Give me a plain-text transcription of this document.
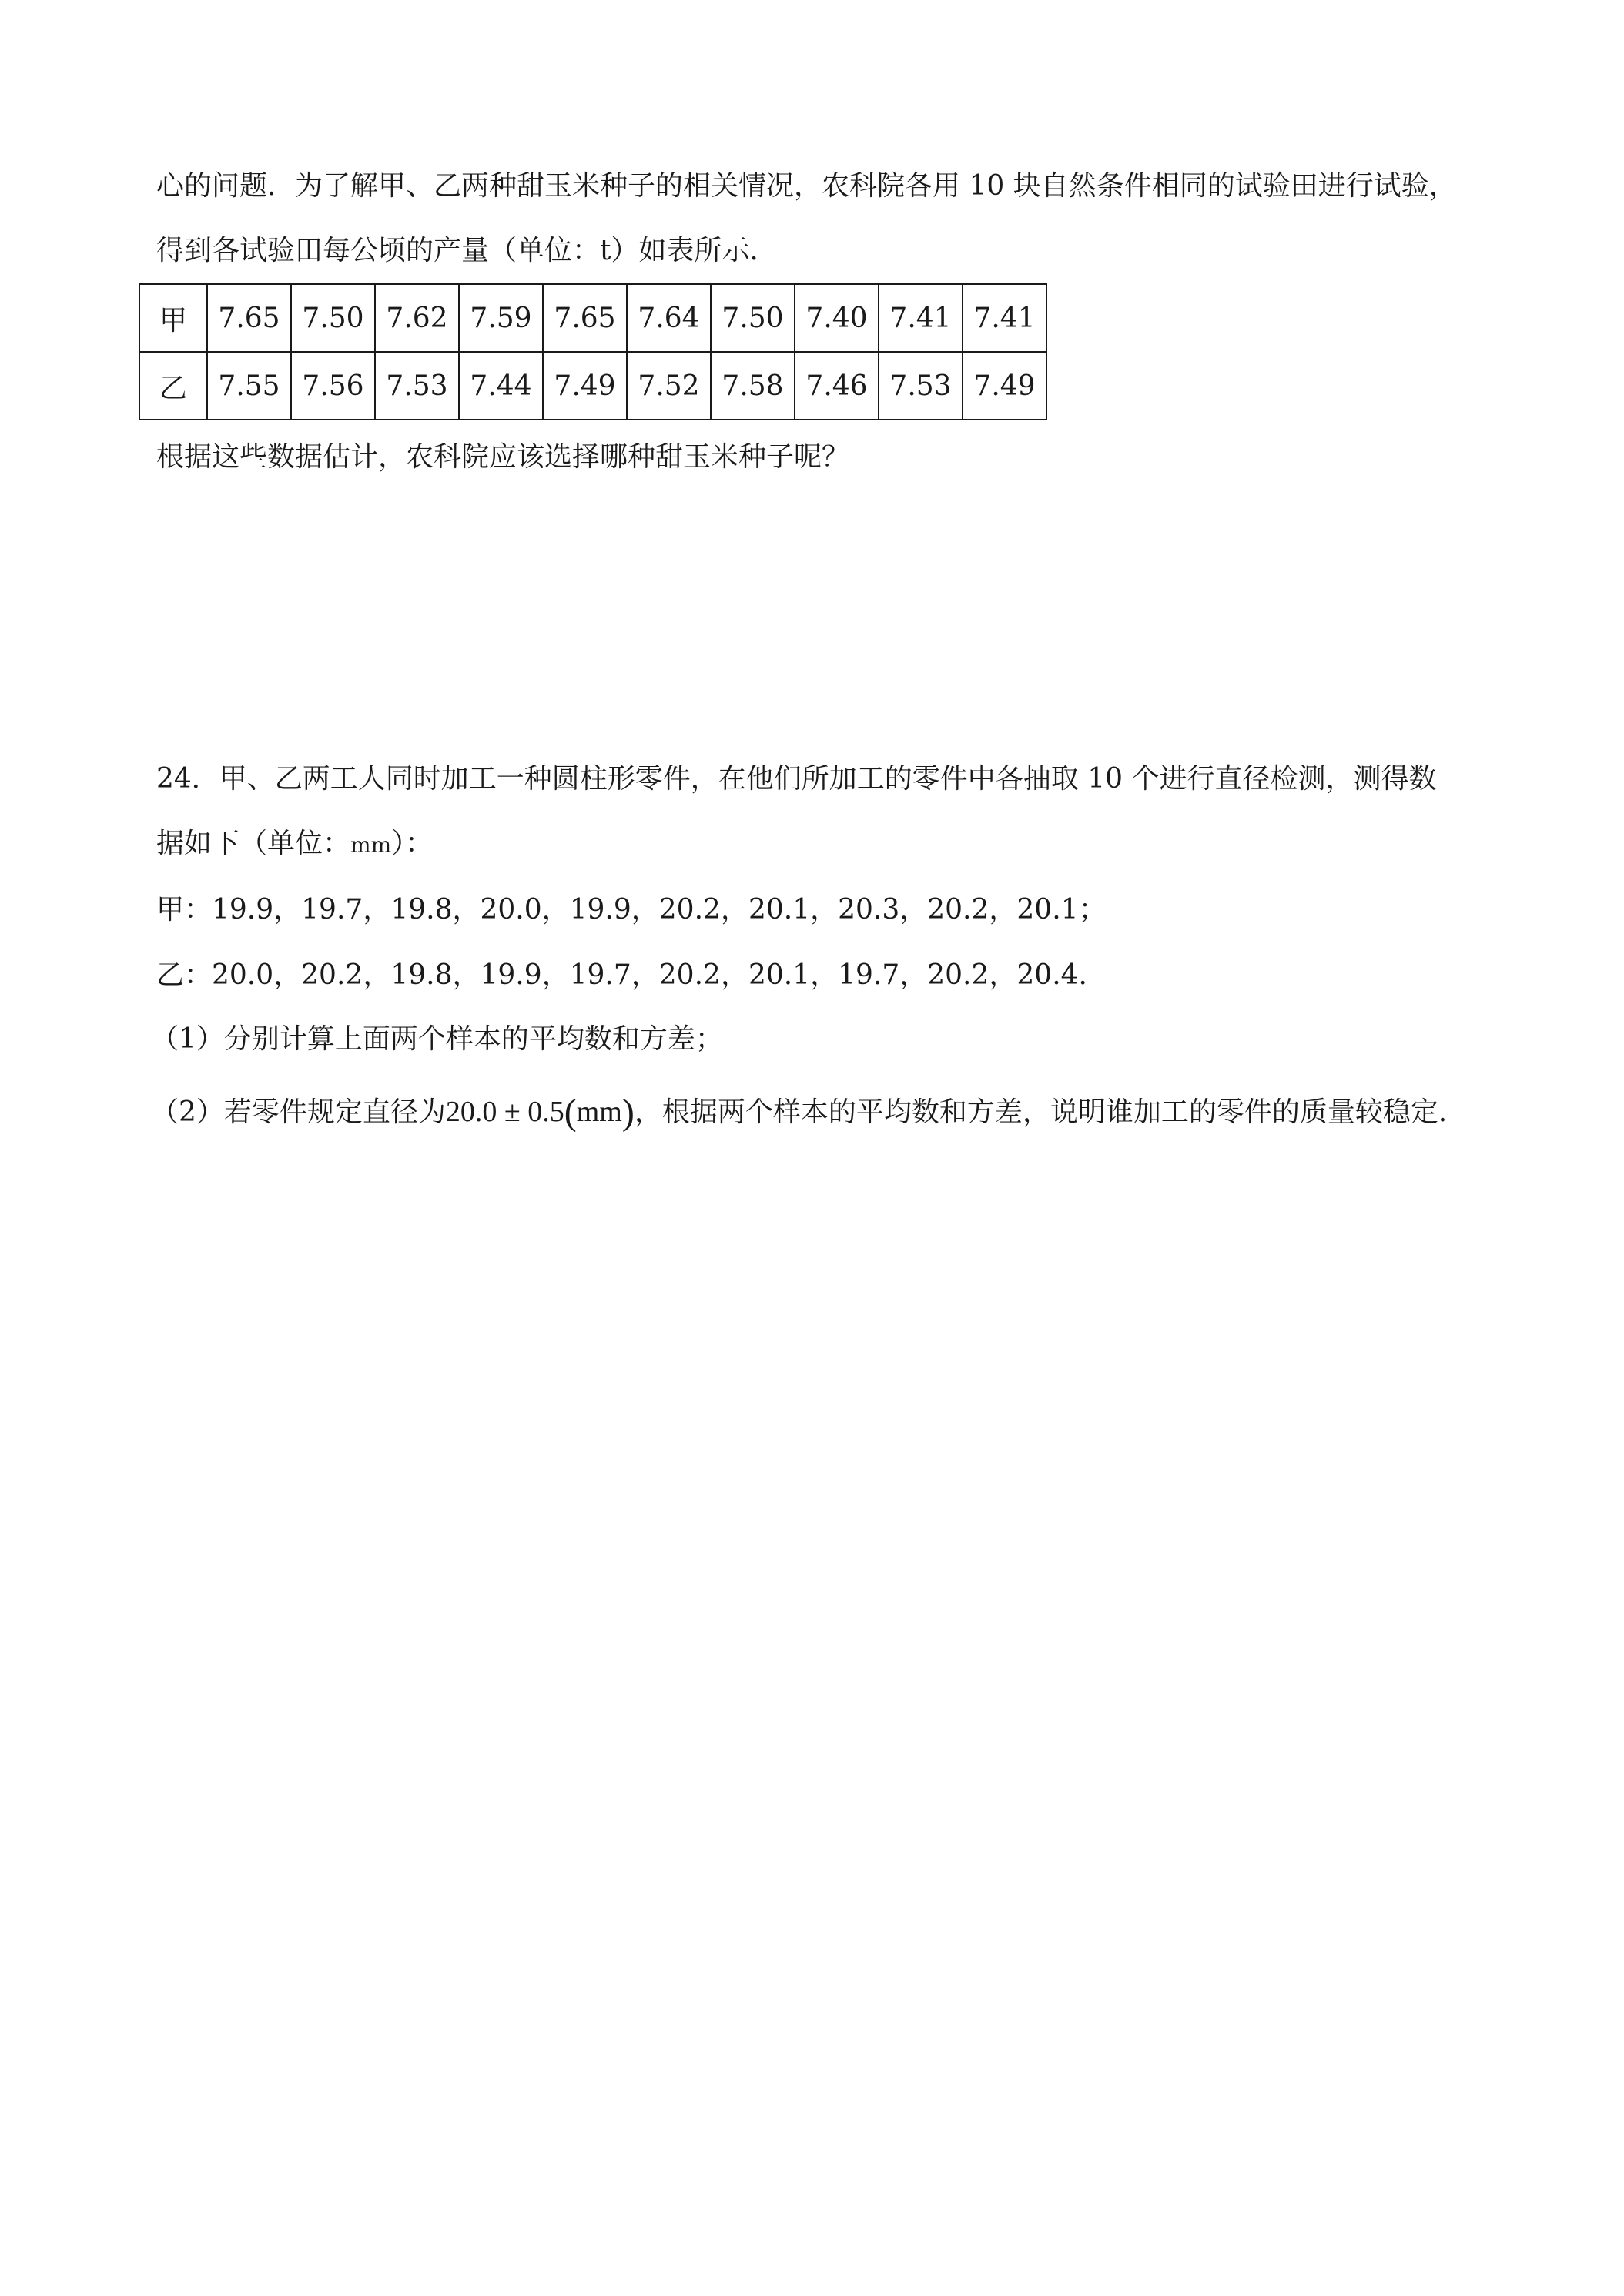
心的问题．为了解甲、乙两种甜玉米种子的相关情况，农科院各用 10 块自然条件相同的试验田进行试验，
得到各试验田每公顷的产量（单位：t）如表所示．
甲	7.65	7.50	7.62	7.59	7.65	7.64	7.50	7.40	7.41	7.41
乙	7.55	7.56	7.53	7.44	7.49	7.52	7.58	7.46	7.53	7.49
根据这些数据估计，农科院应该选择哪种甜玉米种子呢？
24．甲、乙两工人同时加工一种圆柱形零件，在他们所加工的零件中各抽取 10 个进行直径检测，测得数
据如下（单位：mm）：
甲：19.9，19.7，19.8，20.0，19.9，20.2，20.1，20.3，20.2，20.1；
乙：20.0，20.2，19.8，19.9，19.7，20.2，20.1，19.7，20.2，20.4．
（1）分别计算上面两个样本的平均数和方差；
（2）若零件规定直径为20.0 ± 0.5(mm)，根据两个样本的平均数和方差，说明谁加工的零件的质量较稳定．
